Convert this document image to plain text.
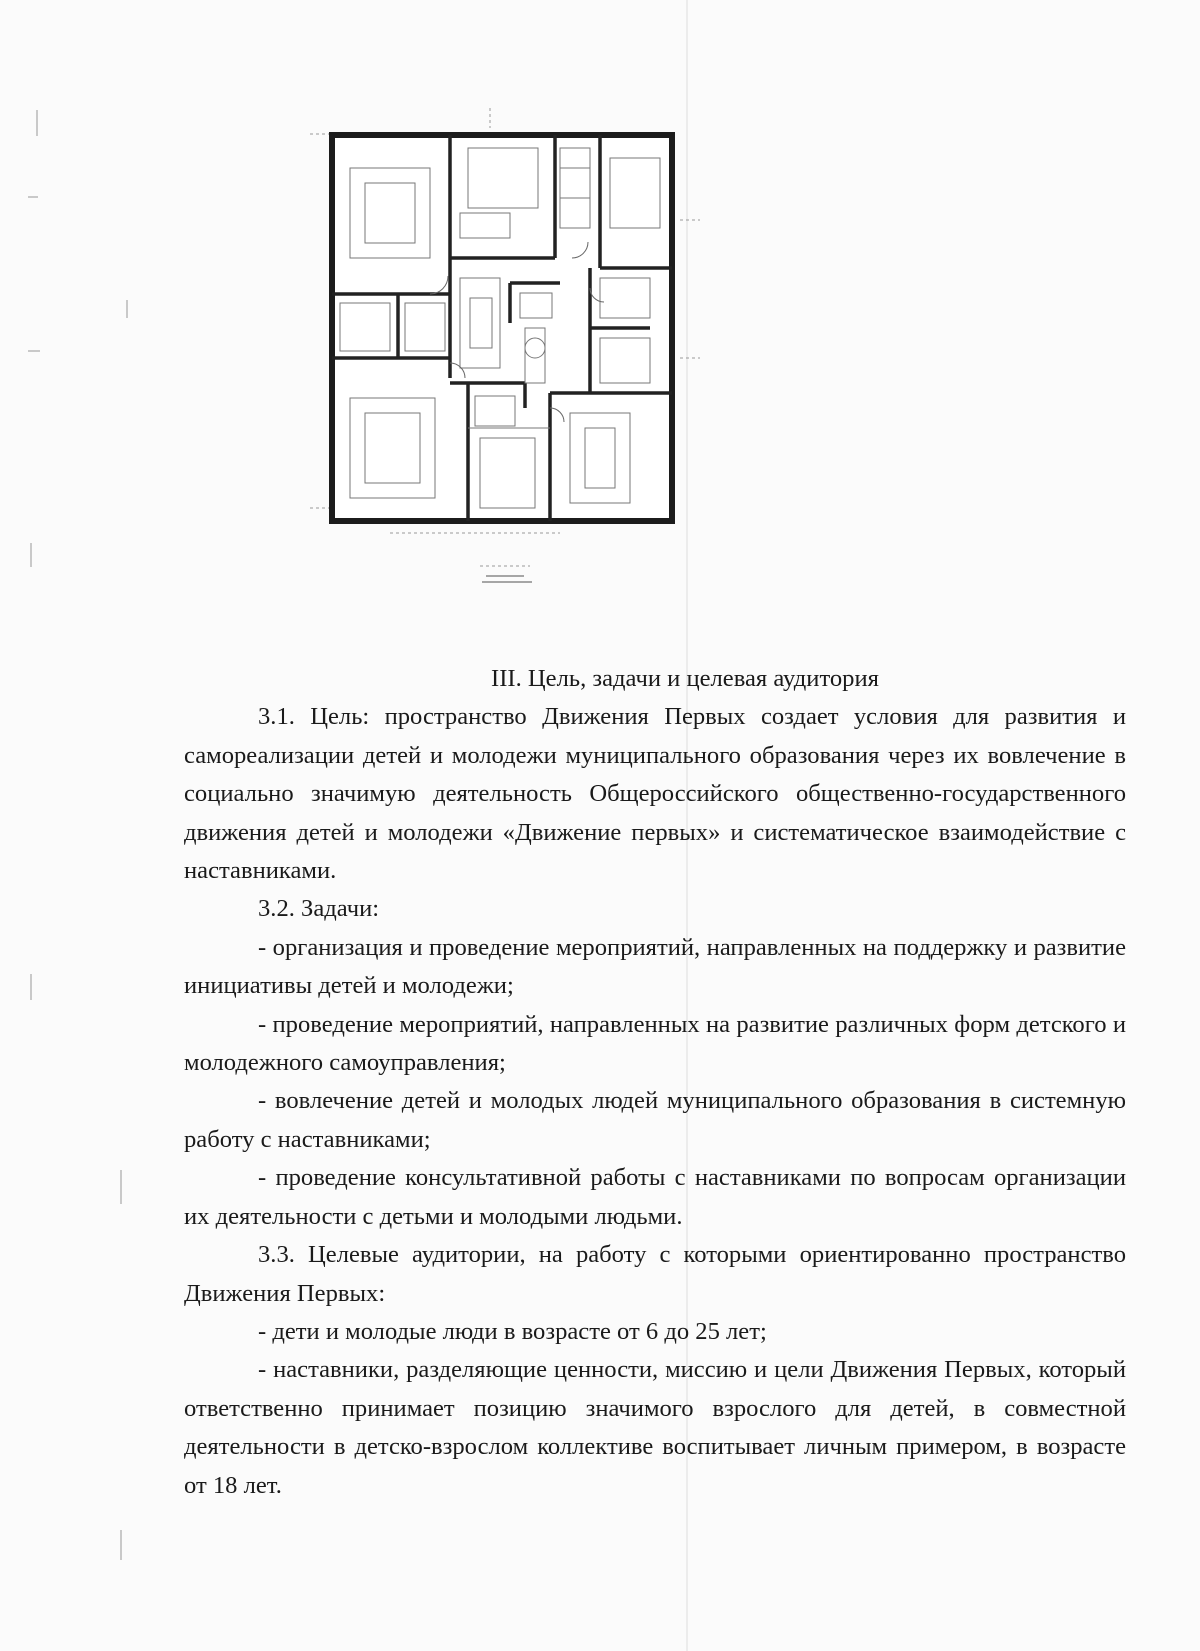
III. Цель, задачи и целевая аудитория

3.1. Цель: пространство Движения Первых создает условия для развития и самореализации детей и молодежи муниципального образования через их вовлечение в социально значимую деятельность Общероссийского общественно-государственного движения детей и молодежи «Движение первых» и систематическое взаимодействие с наставниками.

3.2. Задачи:

- организация и проведение мероприятий, направленных на поддержку и развитие инициативы детей и молодежи;

- проведение мероприятий, направленных на развитие различных форм детского и молодежного самоуправления;

- вовлечение детей и молодых людей муниципального образования в системную работу с наставниками;

- проведение консультативной работы с наставниками по вопросам организации их деятельности с детьми и молодыми людьми.

3.3. Целевые аудитории, на работу с которыми ориентированно пространство Движения Первых:

- дети и молодые люди в возрасте от 6 до 25 лет;

- наставники, разделяющие ценности, миссию и цели Движения Первых, который ответственно принимает позицию значимого взрослого для детей, в совместной деятельности в детско-взрослом коллективе воспитывает личным примером, в возрасте от 18 лет.
